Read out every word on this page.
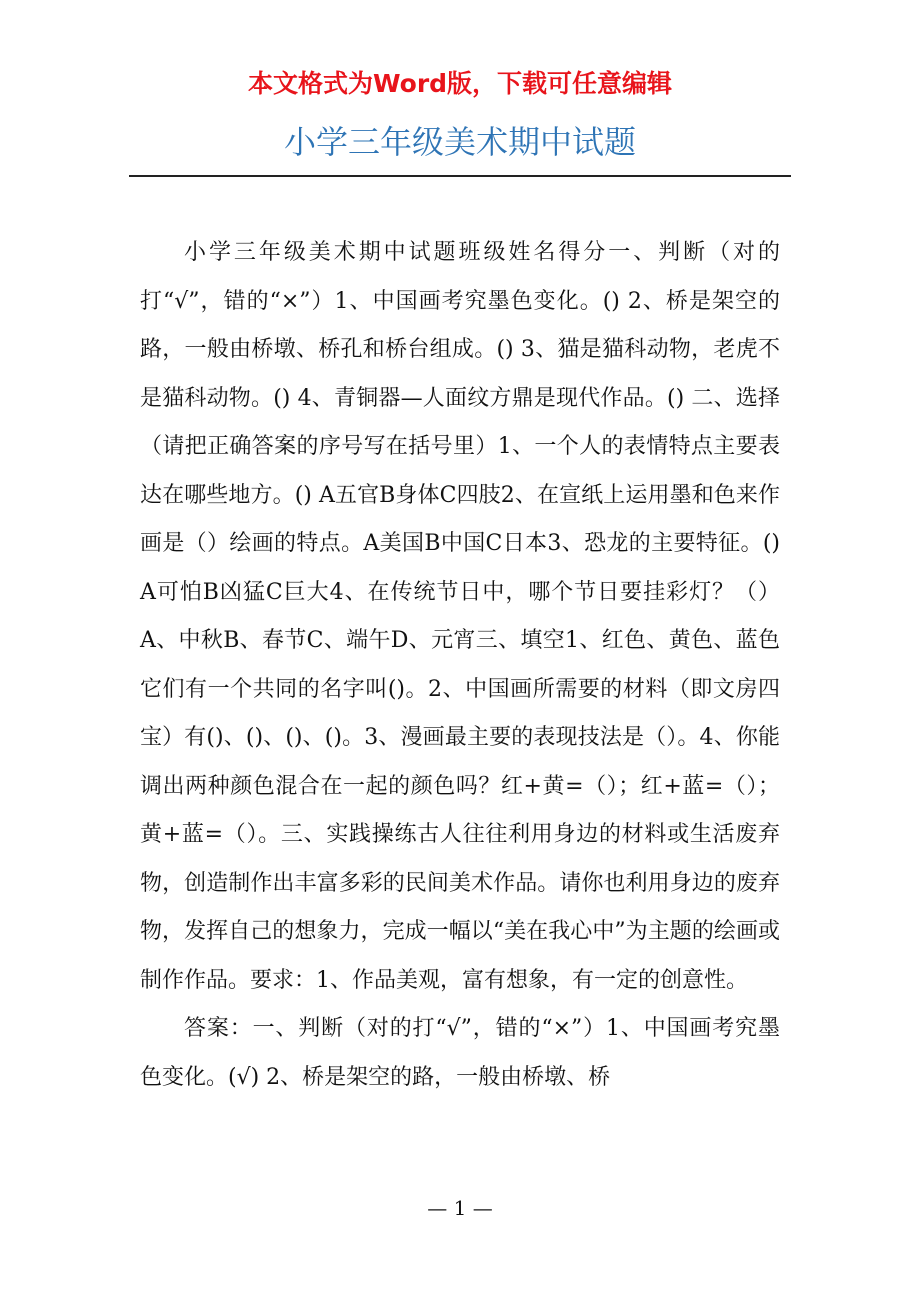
本文格式为Word版，下载可任意编辑
小学三年级美术期中试题

小学三年级美术期中试题班级姓名得分一、判断（对的打“√”，错的“×”）1、中国画考究墨色变化。() 2、桥是架空的路，一般由桥墩、桥孔和桥台组成。() 3、猫是猫科动物，老虎不是猫科动物。() 4、青铜器—人面纹方鼎是现代作品。() 二、选择（请把正确答案的序号写在括号里）1、一个人的表情特点主要表达在哪些地方。() A五官B身体C四肢2、在宣纸上运用墨和色来作画是（）绘画的特点。A美国B中国C日本3、恐龙的主要特征。() A可怕B凶猛C巨大4、在传统节日中，哪个节日要挂彩灯？（）A、中秋B、春节C、端午D、元宵三、填空1、红色、黄色、蓝色它们有一个共同的名字叫()。2、中国画所需要的材料（即文房四宝）有()、()、()、()。3、漫画最主要的表现技法是（）。4、你能调出两种颜色混合在一起的颜色吗？红+黄=（）；红+蓝=（）；黄+蓝=（）。三、实践操练古人往往利用身边的材料或生活废弃物，创造制作出丰富多彩的民间美术作品。请你也利用身边的废弃物，发挥自己的想象力，完成一幅以“美在我心中”为主题的绘画或制作作品。要求：1、作品美观，富有想象，有一定的创意性。

答案：一、判断（对的打“√”，错的“×”）1、中国画考究墨色变化。(√) 2、桥是架空的路，一般由桥墩、桥

— 1 —
